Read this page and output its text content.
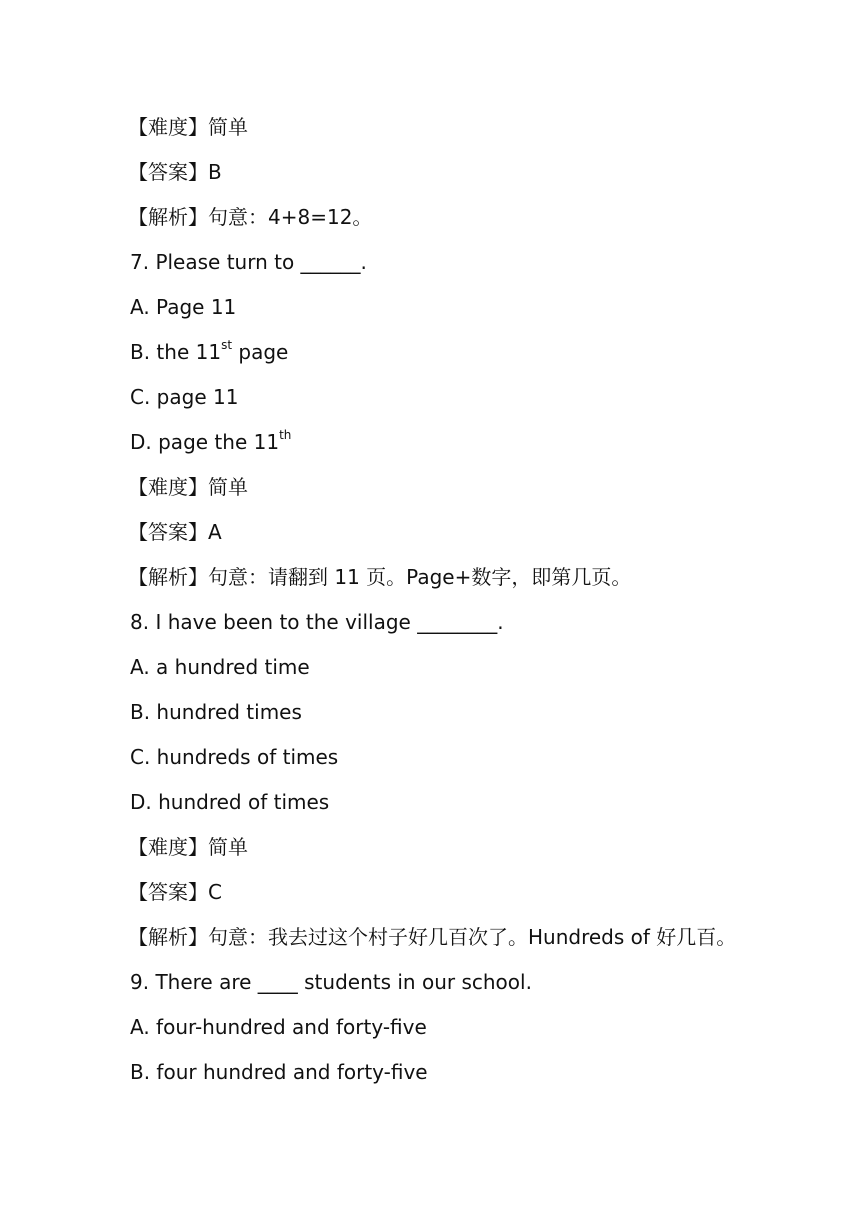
【难度】简单
【答案】B
【解析】句意：4+8=12。
7. Please turn to ______.
A. Page 11
B. the 11st page
C. page 11
D. page the 11th
【难度】简单
【答案】A
【解析】句意：请翻到 11 页。Page+数字，即第几页。
8. I have been to the village ________.
A. a hundred time
B. hundred times
C. hundreds of times
D. hundred of times
【难度】简单
【答案】C
【解析】句意：我去过这个村子好几百次了。Hundreds of 好几百。
9. There are ____ students in our school.
A. four-hundred and forty-five
B. four hundred and forty-five
